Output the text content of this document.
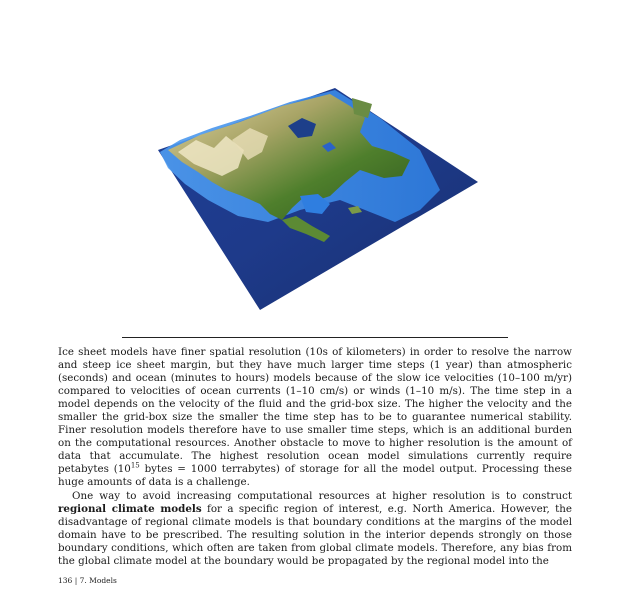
Ice sheet models have finer spatial resolution (10s of kilometers) in order to resolve the narrow and steep ice sheet margin, but they have much larger time steps (1 year) than atmospheric (seconds) and ocean (minutes to hours) models because of the slow ice velocities (10–100 m/yr) compared to velocities of ocean currents (1–10 cm/s) or winds (1–10 m/s). The time step in a model depends on the velocity of the fluid and the grid-box size. The higher the velocity and the smaller the grid-box size the smaller the time step has to be to guarantee numerical stability. Finer resolution models therefore have to use smaller time steps, which is an additional burden on the computational resources. Another obstacle to move to higher resolution is the amount of data that accumulate. The highest resolution ocean model simulations currently require petabytes ($10^{15}$ bytes = 1000 terrabytes) of storage for all the model output. Processing these huge amounts of data is a challenge.

One way to avoid increasing computational resources at higher resolution is to construct regional climate models for a specific region of interest, e.g. North America. However, the disadvantage of regional climate models is that boundary conditions at the margins of the model domain have to be prescribed. The resulting solution in the interior depends strongly on those boundary conditions, which often are taken from global climate models. Therefore, any bias from the global climate model at the boundary would be propagated by the regional model into the

136 | 7. Models
